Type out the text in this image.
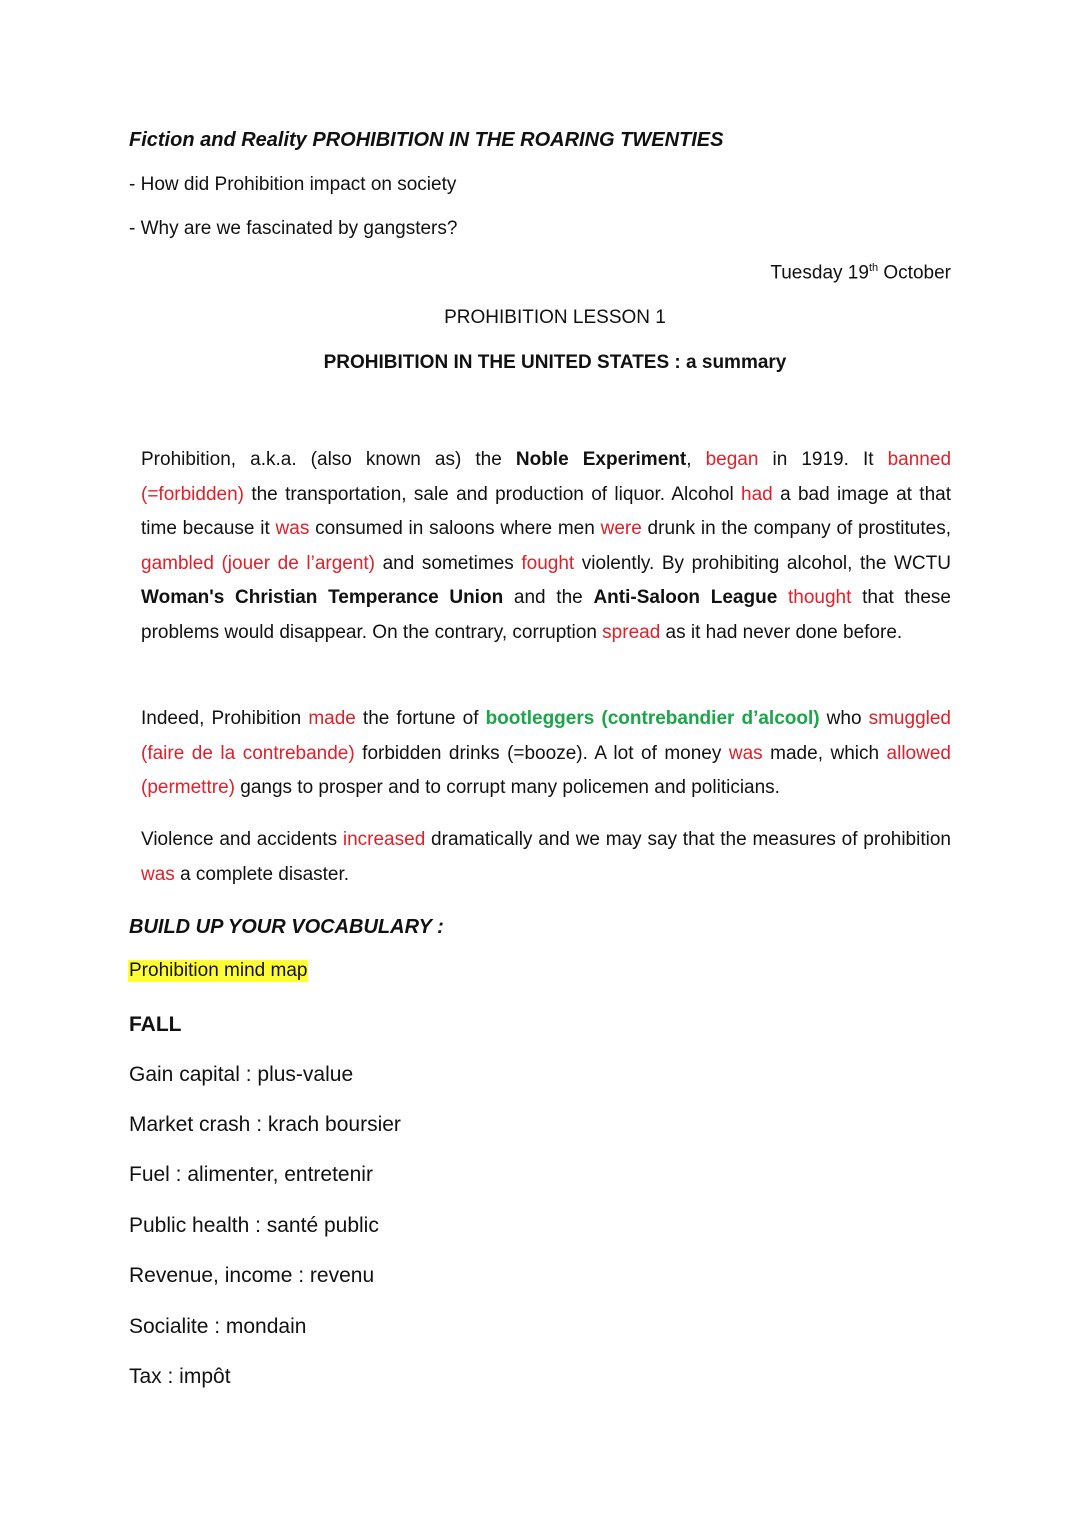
Fiction and Reality PROHIBITION IN THE ROARING TWENTIES
- How did Prohibition impact on society
- Why are we fascinated by gangsters?
Tuesday 19th October
PROHIBITION LESSON 1
PROHIBITION IN THE UNITED STATES : a summary
Prohibition, a.k.a. (also known as) the Noble Experiment, began in 1919. It banned (=forbidden) the transportation, sale and production of liquor. Alcohol had a bad image at that time because it was consumed in saloons where men were drunk in the company of prostitutes, gambled (jouer de l’argent) and sometimes fought violently. By prohibiting alcohol, the WCTU Woman's Christian Temperance Union and the Anti-Saloon League thought that these problems would disappear. On the contrary, corruption spread as it had never done before.
Indeed, Prohibition made the fortune of bootleggers (contrebandier d’alcool) who smuggled (faire de la contrebande) forbidden drinks (=booze). A lot of money was made, which allowed (permettre) gangs to prosper and to corrupt many policemen and politicians.
Violence and accidents increased dramatically and we may say that the measures of prohibition was a complete disaster.
BUILD UP YOUR VOCABULARY :
Prohibition mind map
FALL
Gain capital : plus-value
Market crash : krach boursier
Fuel : alimenter, entretenir
Public health : santé public
Revenue, income : revenu
Socialite : mondain
Tax : impôt
